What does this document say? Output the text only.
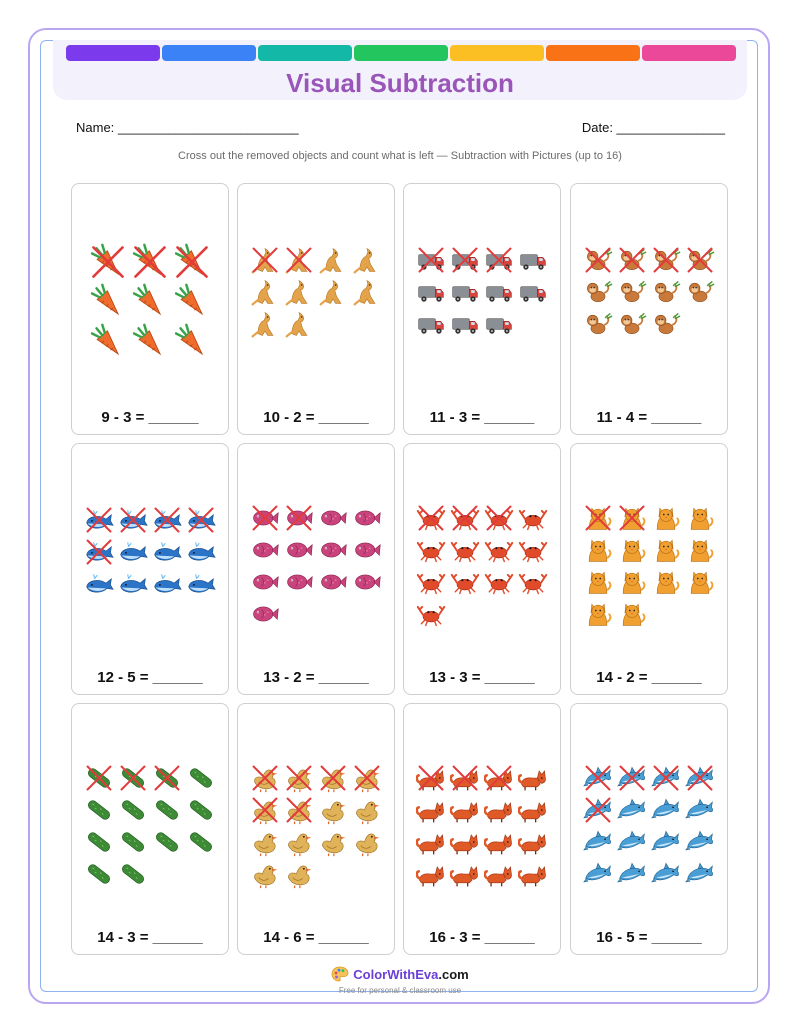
Visual Subtraction
Name: _________________________	Date: _______________
Cross out the removed objects and count what is left — Subtraction with Pictures (up to 16)
9 - 3 = ______	10 - 2 = ______	11 - 3 = ______	11 - 4 = ______
12 - 5 = ______	13 - 2 = ______	13 - 3 = ______	14 - 2 = ______
14 - 3 = ______	14 - 6 = ______	16 - 3 = ______	16 - 5 = ______
ColorWithEva.com
Free for personal & classroom use
